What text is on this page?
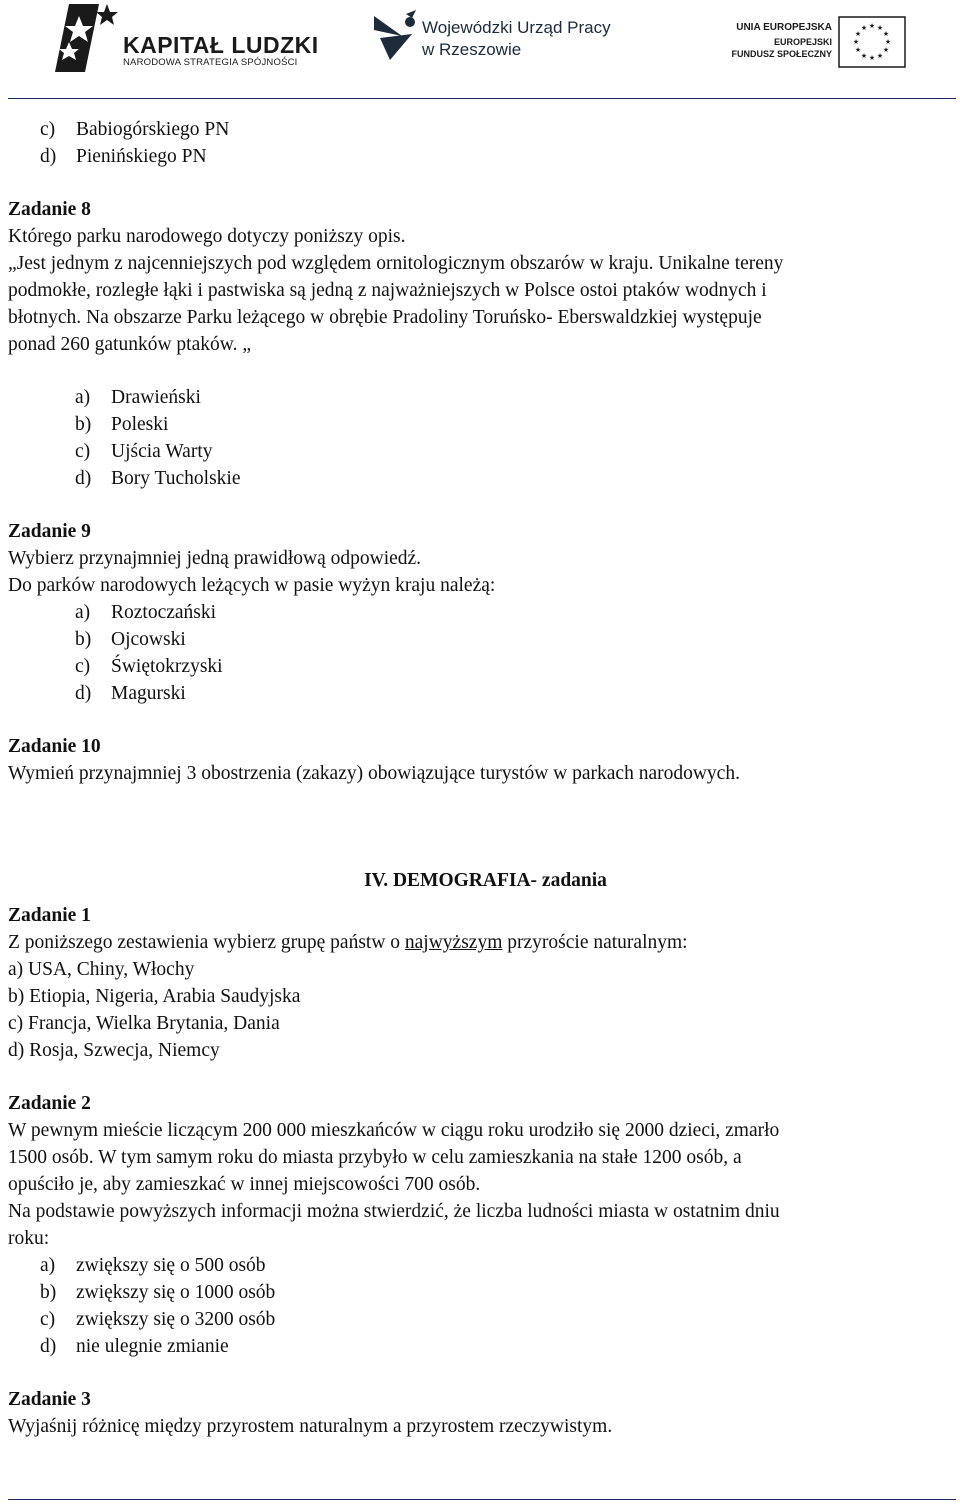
KAPITAŁ LUDZKI
NARODOWA STRATEGIA SPÓJNOŚCI
Wojewódzki Urząd Pracy
w Rzeszowie
UNIA EUROPEJSKA
EUROPEJSKI
FUNDUSZ SPOŁECZNY
★ ★
★
★
★
★
★
★
★
★
★
★
c) Babiogórskiego PN
d) Pienińskiego PN
Zadanie 8
Którego parku narodowego dotyczy poniższy opis.
„Jest jednym z najcenniejszych pod względem ornitologicznym obszarów w kraju. Unikalne tereny
podmokłe, rozległe łąki i pastwiska są jedną z najważniejszych w Polsce ostoi ptaków wodnych i
błotnych. Na obszarze Parku leżącego w obrębie Pradoliny Toruńsko- Eberswaldzkiej występuje
ponad 260 gatunków ptaków. „
a) Drawieński
b) Poleski
c) Ujścia Warty
d) Bory Tucholskie
Zadanie 9
Wybierz przynajmniej jedną prawidłową odpowiedź.
Do parków narodowych leżących w pasie wyżyn kraju należą:
a) Roztoczański
b) Ojcowski
c) Świętokrzyski
d) Magurski
Zadanie 10
Wymień przynajmniej 3 obostrzenia (zakazy) obowiązujące turystów w parkach narodowych.
IV. DEMOGRAFIA- zadania
Zadanie 1
Z poniższego zestawienia wybierz grupę państw o najwyższym przyroście naturalnym:
a) USA, Chiny, Włochy
b) Etiopia, Nigeria, Arabia Saudyjska
c) Francja, Wielka Brytania, Dania
d) Rosja, Szwecja, Niemcy
Zadanie 2
W pewnym mieście liczącym 200 000 mieszkańców w ciągu roku urodziło się 2000 dzieci, zmarło
1500 osób. W tym samym roku do miasta przybyło w celu zamieszkania na stałe 1200 osób, a
opuściło je, aby zamieszkać w innej miejscowości 700 osób.
Na podstawie powyższych informacji można stwierdzić, że liczba ludności miasta w ostatnim dniu
roku:
a) zwiększy się o 500 osób
b) zwiększy się o 1000 osób
c) zwiększy się o 3200 osób
d) nie ulegnie zmianie
Zadanie 3
Wyjaśnij różnicę między przyrostem naturalnym a przyrostem rzeczywistym.
